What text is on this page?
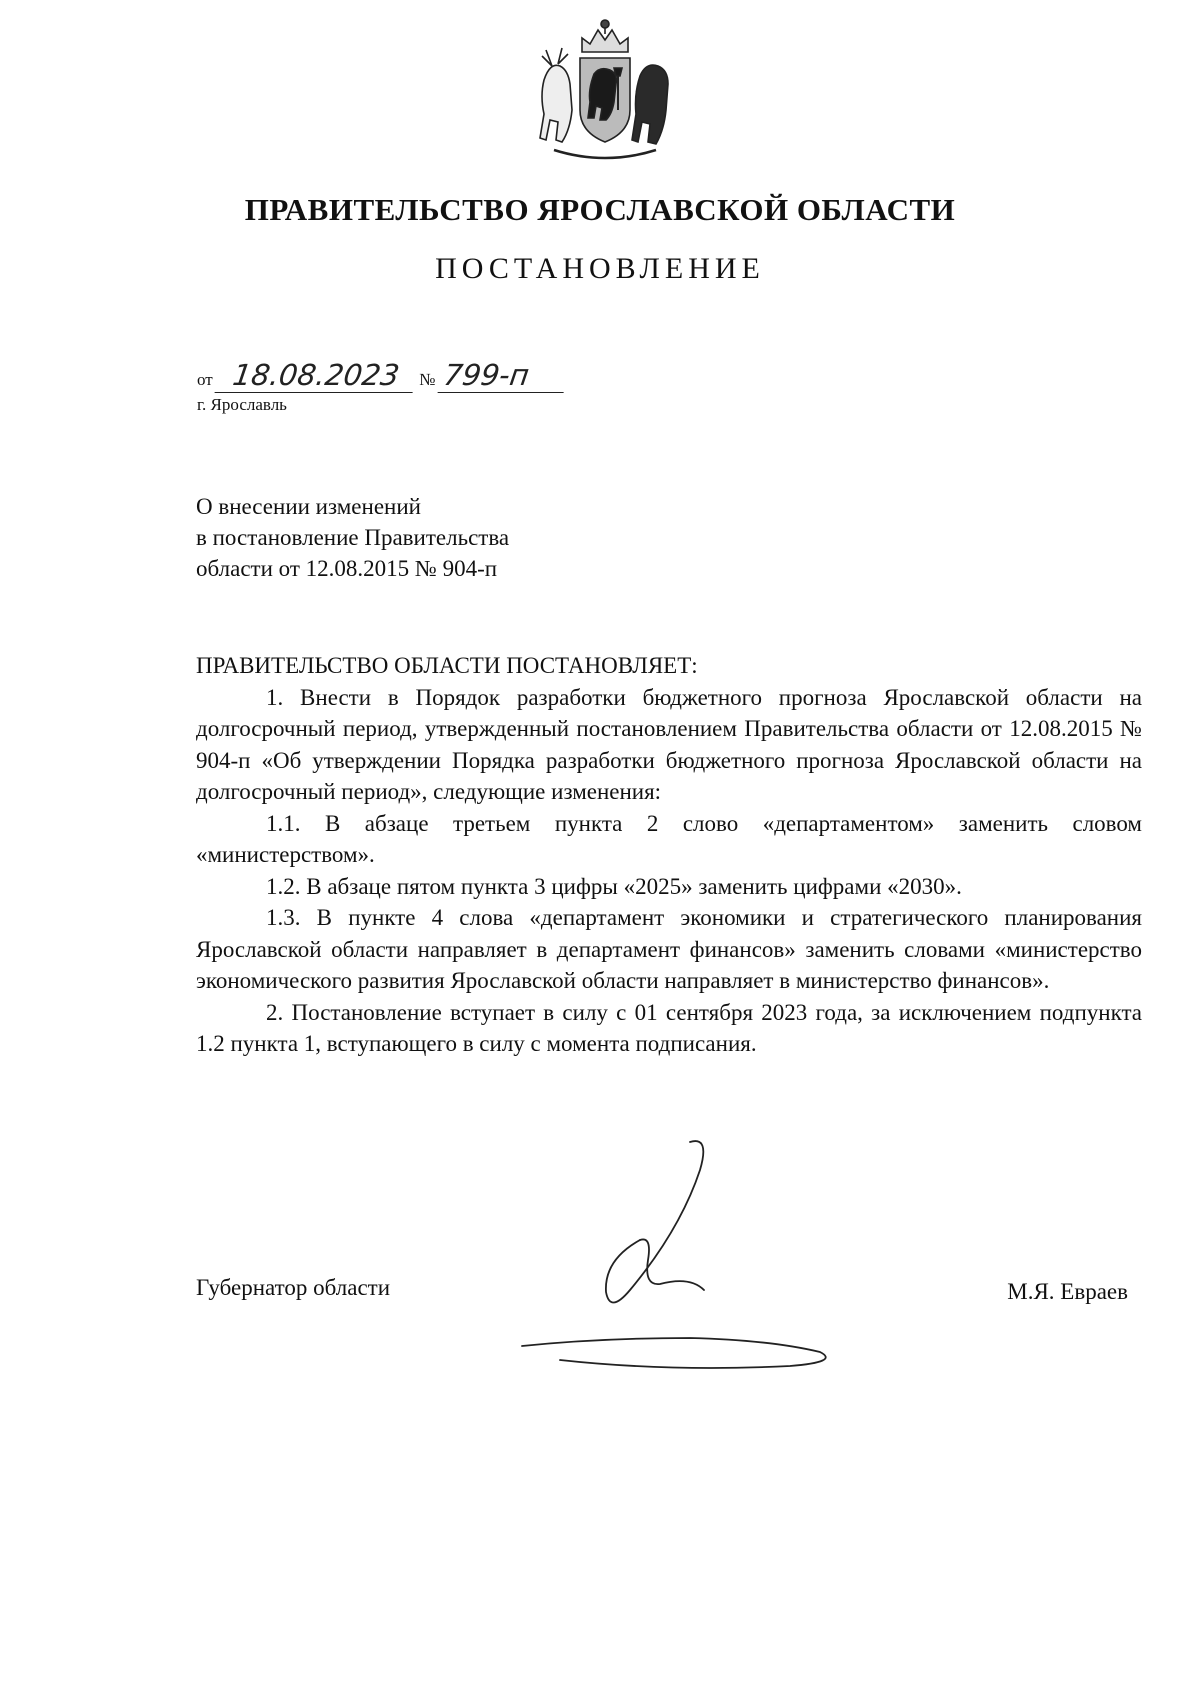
ПРАВИТЕЛЬСТВО ЯРОСЛАВСКОЙ ОБЛАСТИ
ПОСТАНОВЛЕНИЕ
от 18.08.2023 № 799-п
г. Ярославль
О внесении изменений
в постановление Правительства
области от 12.08.2015 № 904-п
ПРАВИТЕЛЬСТВО ОБЛАСТИ ПОСТАНОВЛЯЕТ:

1. Внести в Порядок разработки бюджетного прогноза Ярославской области на долгосрочный период, утвержденный постановлением Правительства области от 12.08.2015 № 904-п «Об утверждении Порядка разработки бюджетного прогноза Ярославской области на долгосрочный период», следующие изменения:

1.1. В абзаце третьем пункта 2 слово «департаментом» заменить словом «министерством».

1.2. В абзаце пятом пункта 3 цифры «2025» заменить цифрами «2030».

1.3. В пункте 4 слова «департамент экономики и стратегического планирования Ярославской области направляет в департамент финансов» заменить словами «министерство экономического развития Ярославской области направляет в министерство финансов».

2. Постановление вступает в силу с 01 сентября 2023 года, за исключением подпункта 1.2 пункта 1, вступающего в силу с момента подписания.

Губернатор области	М.Я. Евраев
